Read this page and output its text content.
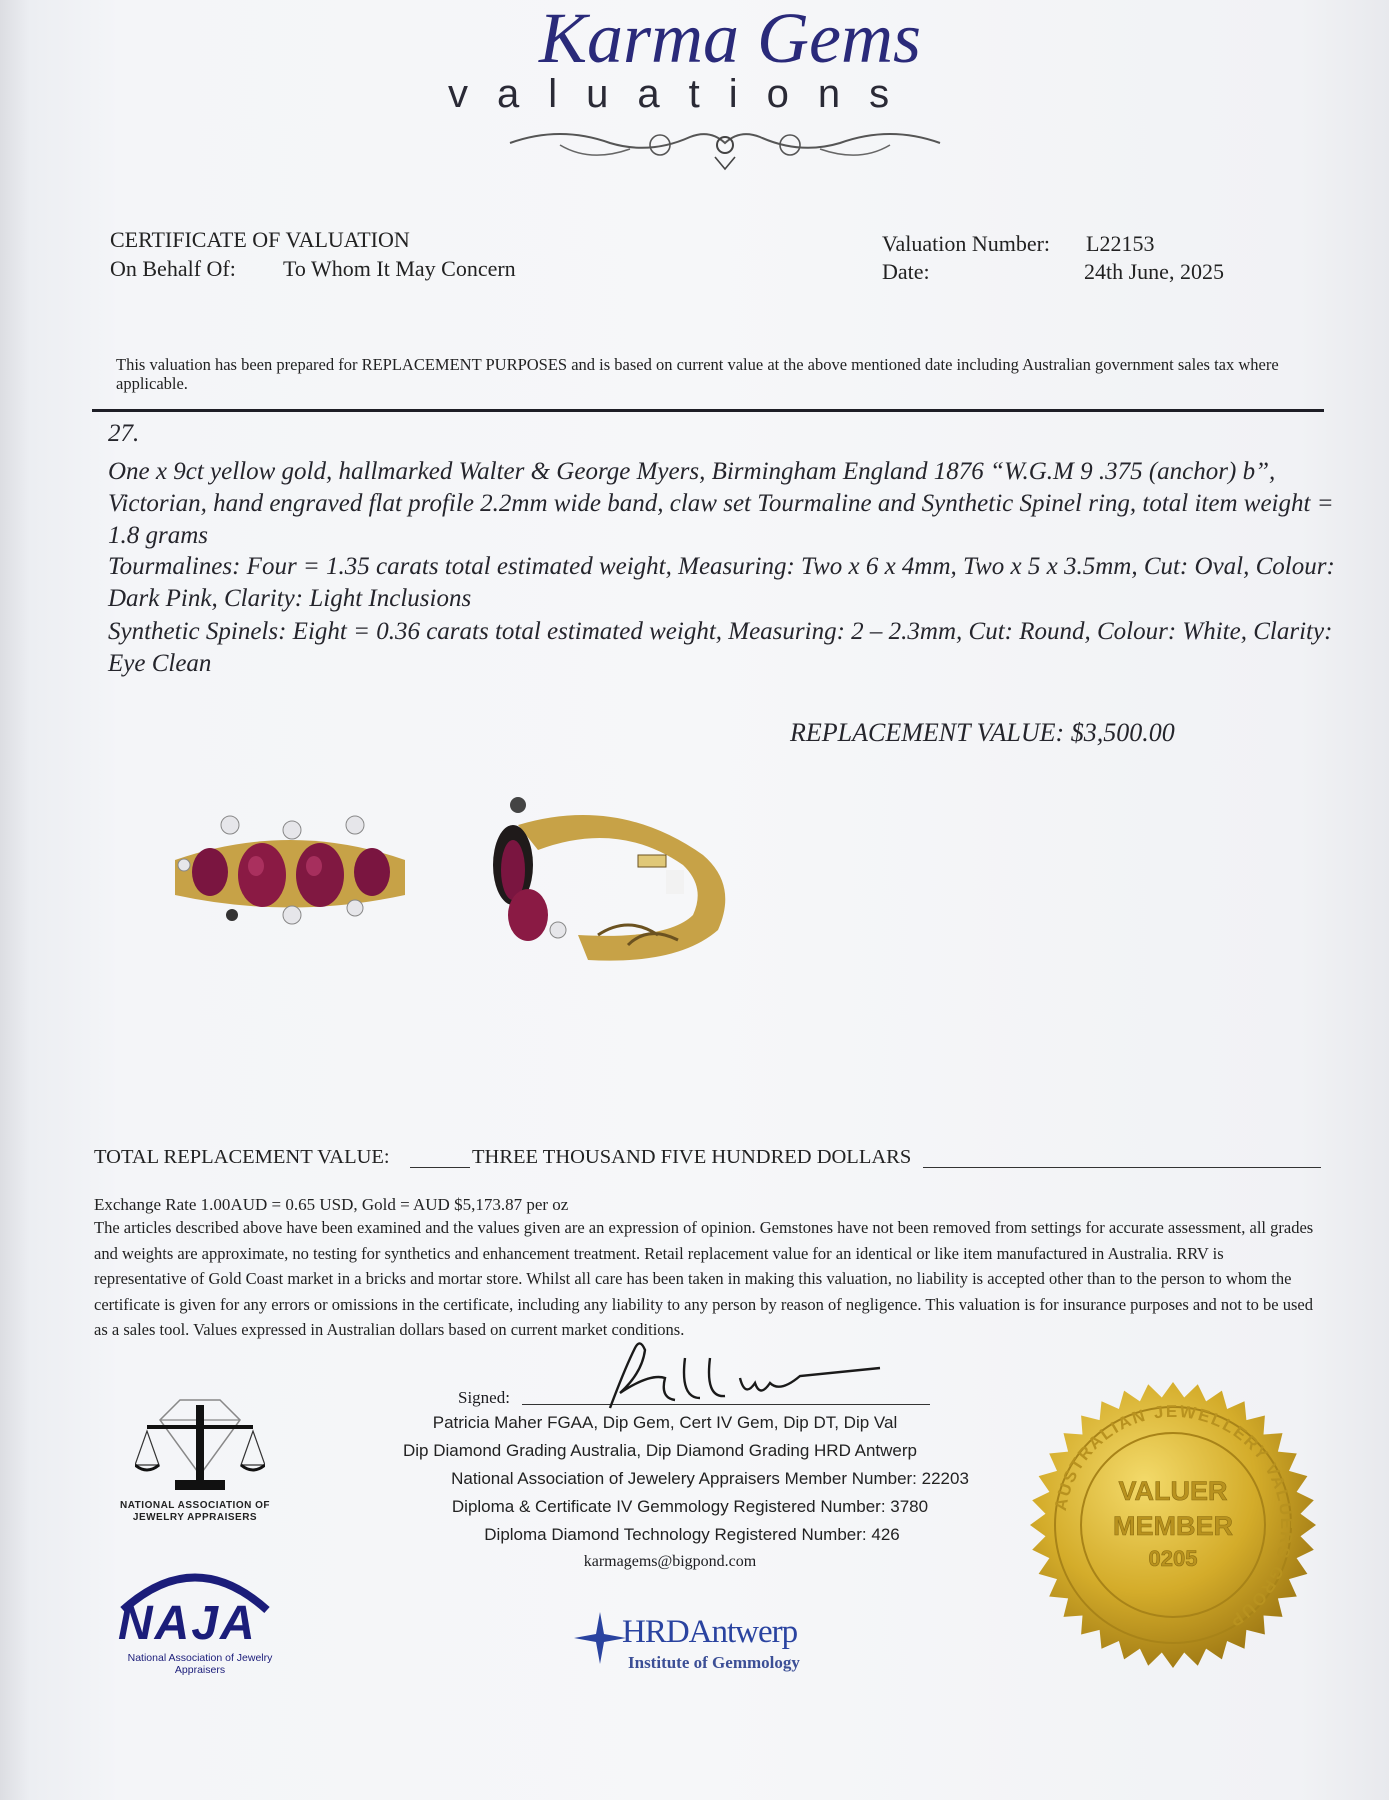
Karma Gems
valuations
CERTIFICATE OF VALUATION
On Behalf Of: To Whom It May Concern
Valuation Number: L22153
Date:	24th June, 2025
This valuation has been prepared for REPLACEMENT PURPOSES and is based on current value at the above mentioned date including Australian government sales tax where applicable.
27.
One x 9ct yellow gold, hallmarked Walter & George Myers, Birmingham England 1876 “W.G.M 9 .375 (anchor) b”, Victorian, hand engraved flat profile 2.2mm wide band, claw set Tourmaline and Synthetic Spinel ring, total item weight = 1.8 grams
Tourmalines: Four = 1.35 carats total estimated weight, Measuring: Two x 6 x 4mm, Two x 5 x 3.5mm, Cut: Oval, Colour: Dark Pink, Clarity: Light Inclusions
Synthetic Spinels: Eight = 0.36 carats total estimated weight, Measuring: 2 – 2.3mm, Cut: Round, Colour: White, Clarity: Eye Clean
REPLACEMENT VALUE: $3,500.00
TOTAL REPLACEMENT VALUE:	THREE THOUSAND FIVE HUNDRED DOLLARS
Exchange Rate 1.00AUD = 0.65 USD, Gold = AUD $5,173.87 per oz
The articles described above have been examined and the values given are an expression of opinion. Gemstones have not been removed from settings for accurate assessment, all grades and weights are approximate, no testing for synthetics and enhancement treatment. Retail replacement value for an identical or like item manufactured in Australia. RRV is representative of Gold Coast market in a bricks and mortar store. Whilst all care has been taken in making this valuation, no liability is accepted other than to the person to whom the certificate is given for any errors or omissions in the certificate, including any liability to any person by reason of negligence. This valuation is for insurance purposes and not to be used as a sales tool. Values expressed in Australian dollars based on current market conditions.
Signed:
Patricia Maher FGAA, Dip Gem, Cert IV Gem, Dip DT, Dip Val
Dip Diamond Grading Australia, Dip Diamond Grading HRD Antwerp
National Association of Jewelery Appraisers Member Number: 22203
Diploma & Certificate IV Gemmology Registered Number: 3780
Diploma Diamond Technology Registered Number: 426
karmagems@bigpond.com
NATIONAL ASSOCIATION OF JEWELRY APPRAISERS
NAJA
National Association of Jewelry Appraisers
HRDAntwerp
Institute of Gemmology
AUSTRALIAN JEWELLERY VALUERS GROUP
VALUER
MEMBER
0205
